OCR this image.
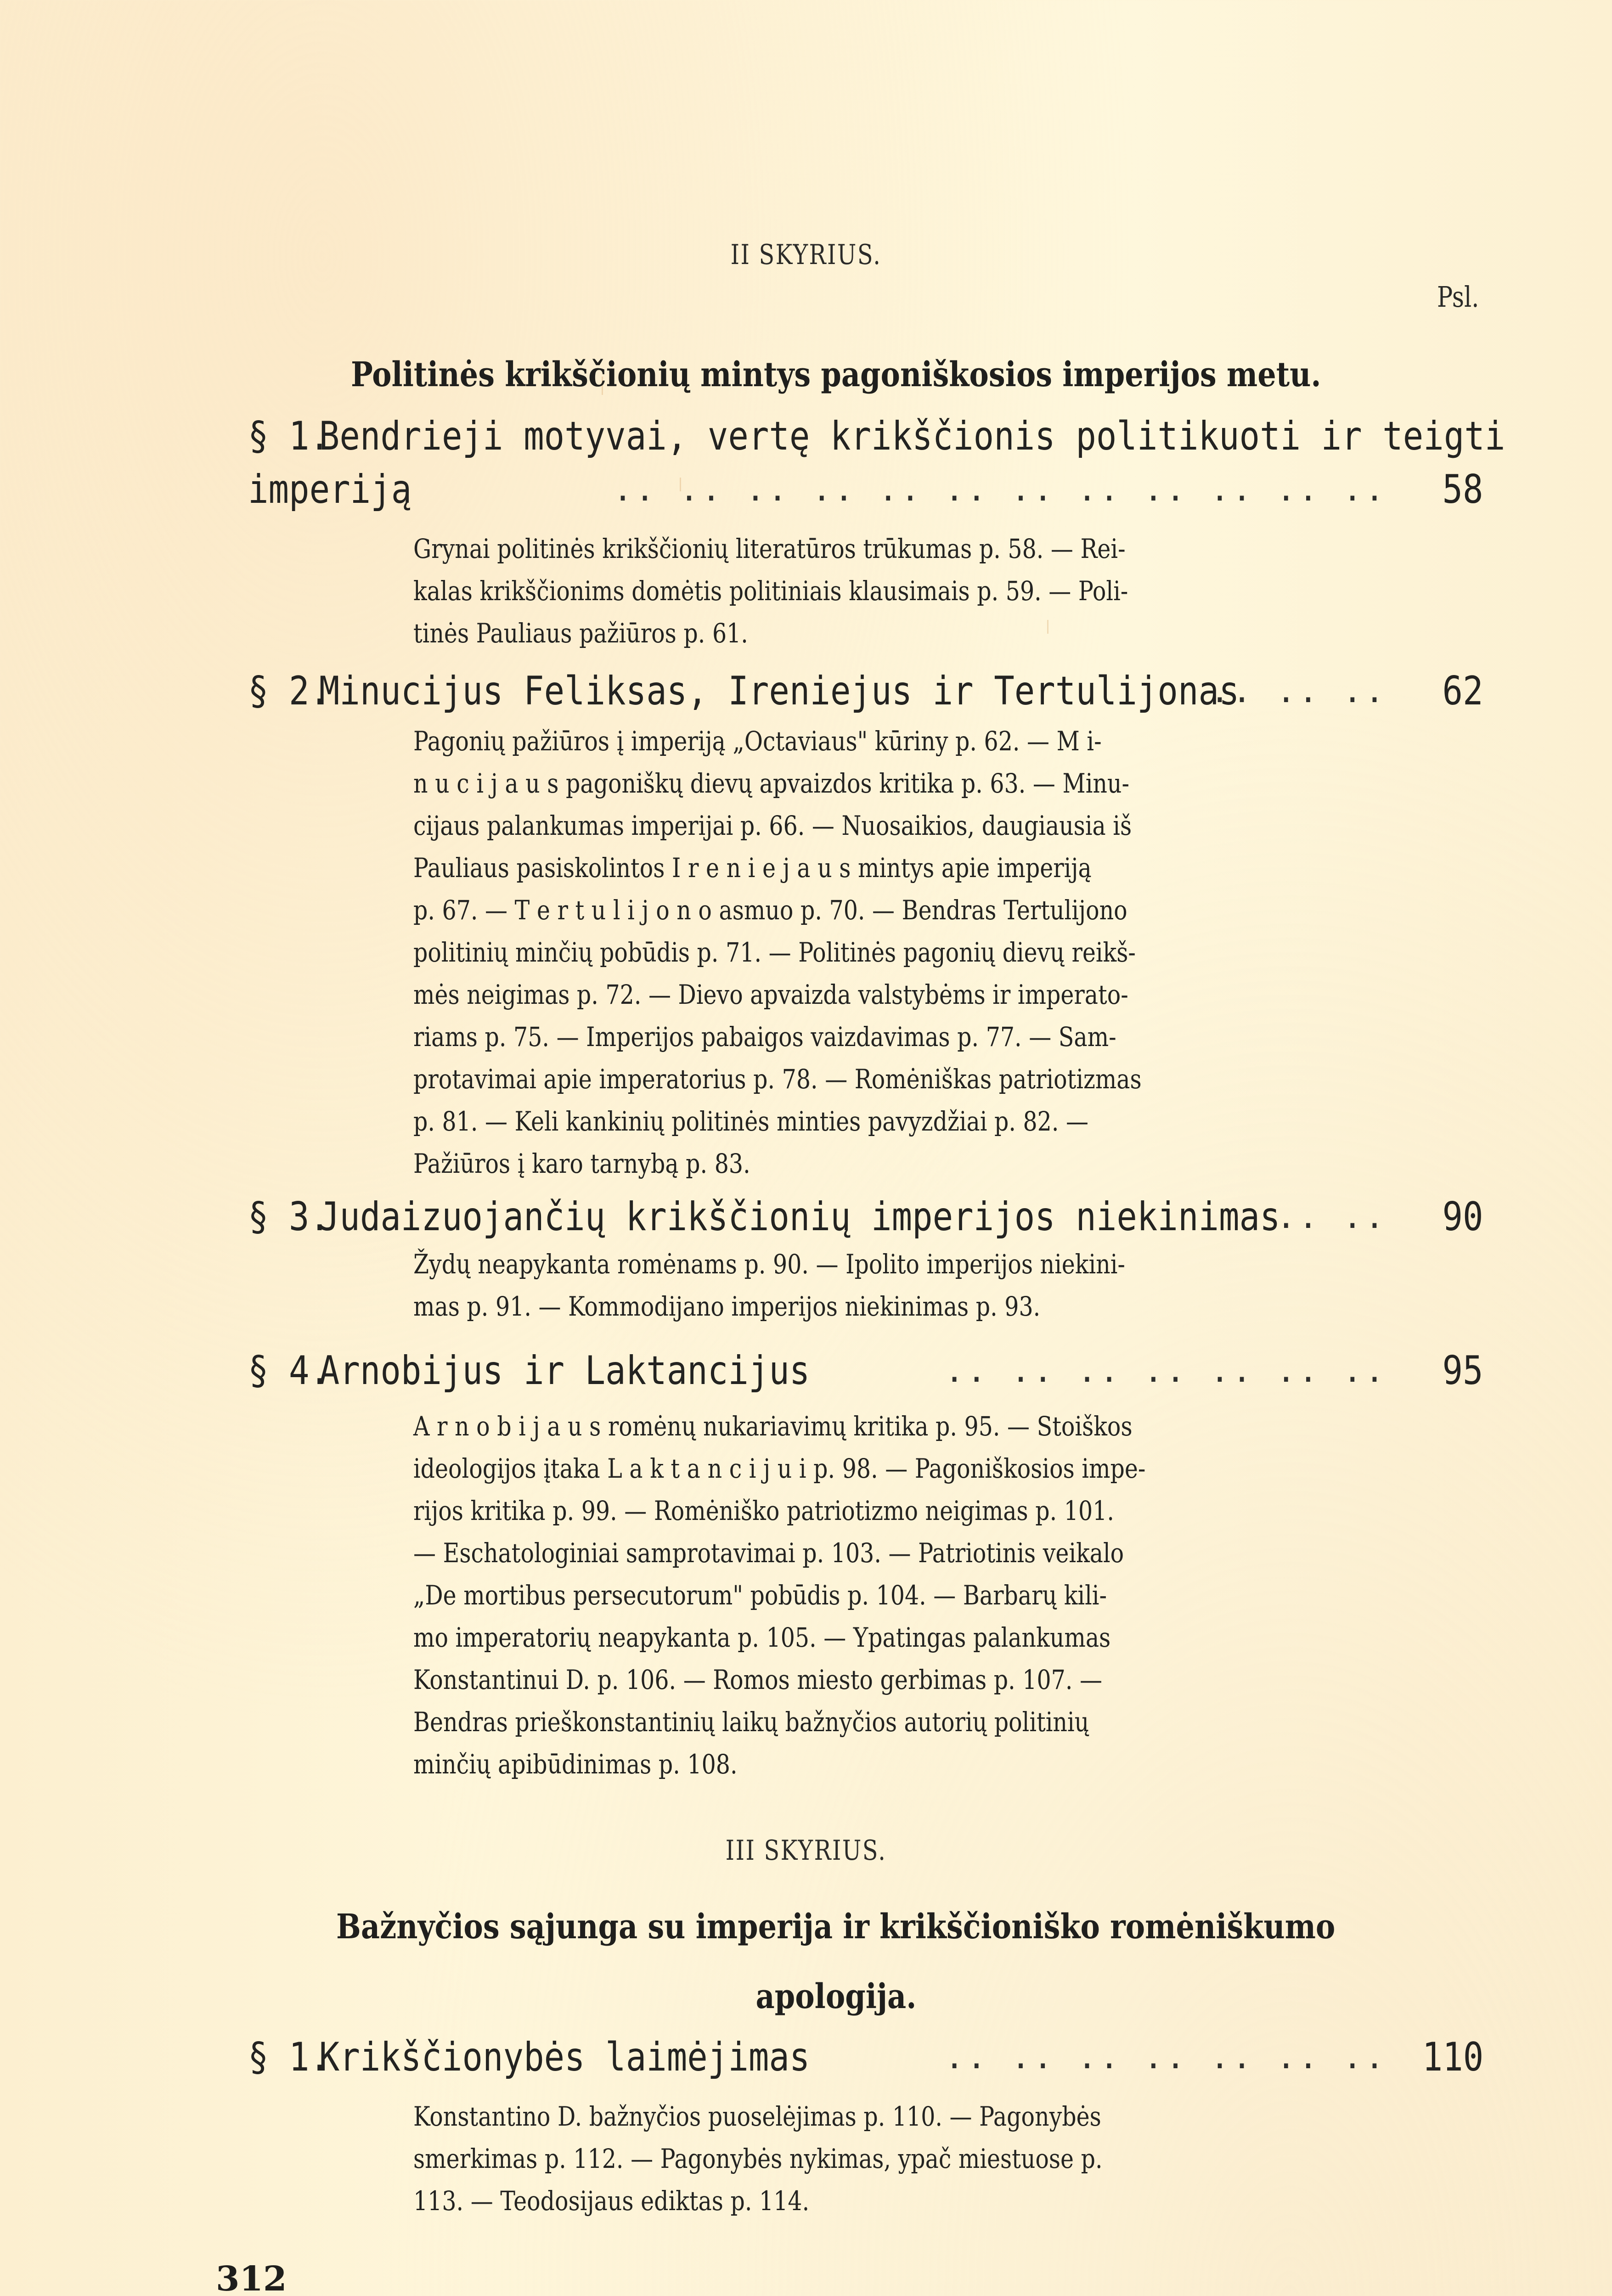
II SKYRIUS.
Psl.
Politinės krikščionių mintys pagoniškosios imperijos metu.
§ 1.Bendrieji motyvai, vertę krikščionis politikuoti ir teigti
imperiją	.. .. .. .. .. .. .. .. .. .. .. .. 58
Grynai politinės krikščionių literatūros trūkumas p. 58. — Rei-
kalas krikščionims domėtis politiniais klausimais p. 59. — Poli-
tinės Pauliaus pažiūros p. 61.
§ 2.Minucijus Feliksas, Ireniejus ir Tertulijonas
.. .. .. 62
Pagonių pažiūros į imperiją „Octaviaus" kūriny p. 62. — M i-
n u c i j a u s pagoniškų dievų apvaizdos kritika p. 63. — Minu-
cijaus palankumas imperijai p. 66. — Nuosaikios, daugiausia iš
Pauliaus pasiskolintos I r e n i e j a u s mintys apie imperiją
p. 67. — T e r t u l i j o n o asmuo p. 70. — Bendras Tertulijono
politinių minčių pobūdis p. 71. — Politinės pagonių dievų reikš-
mės neigimas p. 72. — Dievo apvaizda valstybėms ir imperato-
riams p. 75. — Imperijos pabaigos vaizdavimas p. 77. — Sam-
protavimai apie imperatorius p. 78. — Romėniškas patriotizmas
p. 81. — Keli kankinių politinės minties pavyzdžiai p. 82. —
Pažiūros į karo tarnybą p. 83.
§ 3.Judaizuojančių krikščionių imperijos niekinimas
.. .. 90
Žydų neapykanta romėnams p. 90. — Ipolito imperijos niekini-
mas p. 91. — Kommodijano imperijos niekinimas p. 93.
§ 4.Arnobijus ir Laktancijus	.. .. .. .. .. .. .. 95
A r n o b i j a u s romėnų nukariavimų kritika p. 95. — Stoiškos
ideologijos įtaka L a k t a n c i j u i p. 98. — Pagoniškosios impe-
rijos kritika p. 99. — Romėniško patriotizmo neigimas p. 101.
— Eschatologiniai samprotavimai p. 103. — Patriotinis veikalo
„De mortibus persecutorum" pobūdis p. 104. — Barbarų kili-
mo imperatorių neapykanta p. 105. — Ypatingas palankumas
Konstantinui D. p. 106. — Romos miesto gerbimas p. 107. —
Bendras prieškonstantinių laikų bažnyčios autorių politinių
minčių apibūdinimas p. 108.
III SKYRIUS.
Bažnyčios sąjunga su imperija ir krikščioniško romėniškumo
apologija.
§ 1.Krikščionybės laimėjimas	.. .. .. .. .. .. .. 110
Konstantino D. bažnyčios puoselėjimas p. 110. — Pagonybės
smerkimas p. 112. — Pagonybės nykimas, ypač miestuose p.
113. — Teodosijaus ediktas p. 114.
312
